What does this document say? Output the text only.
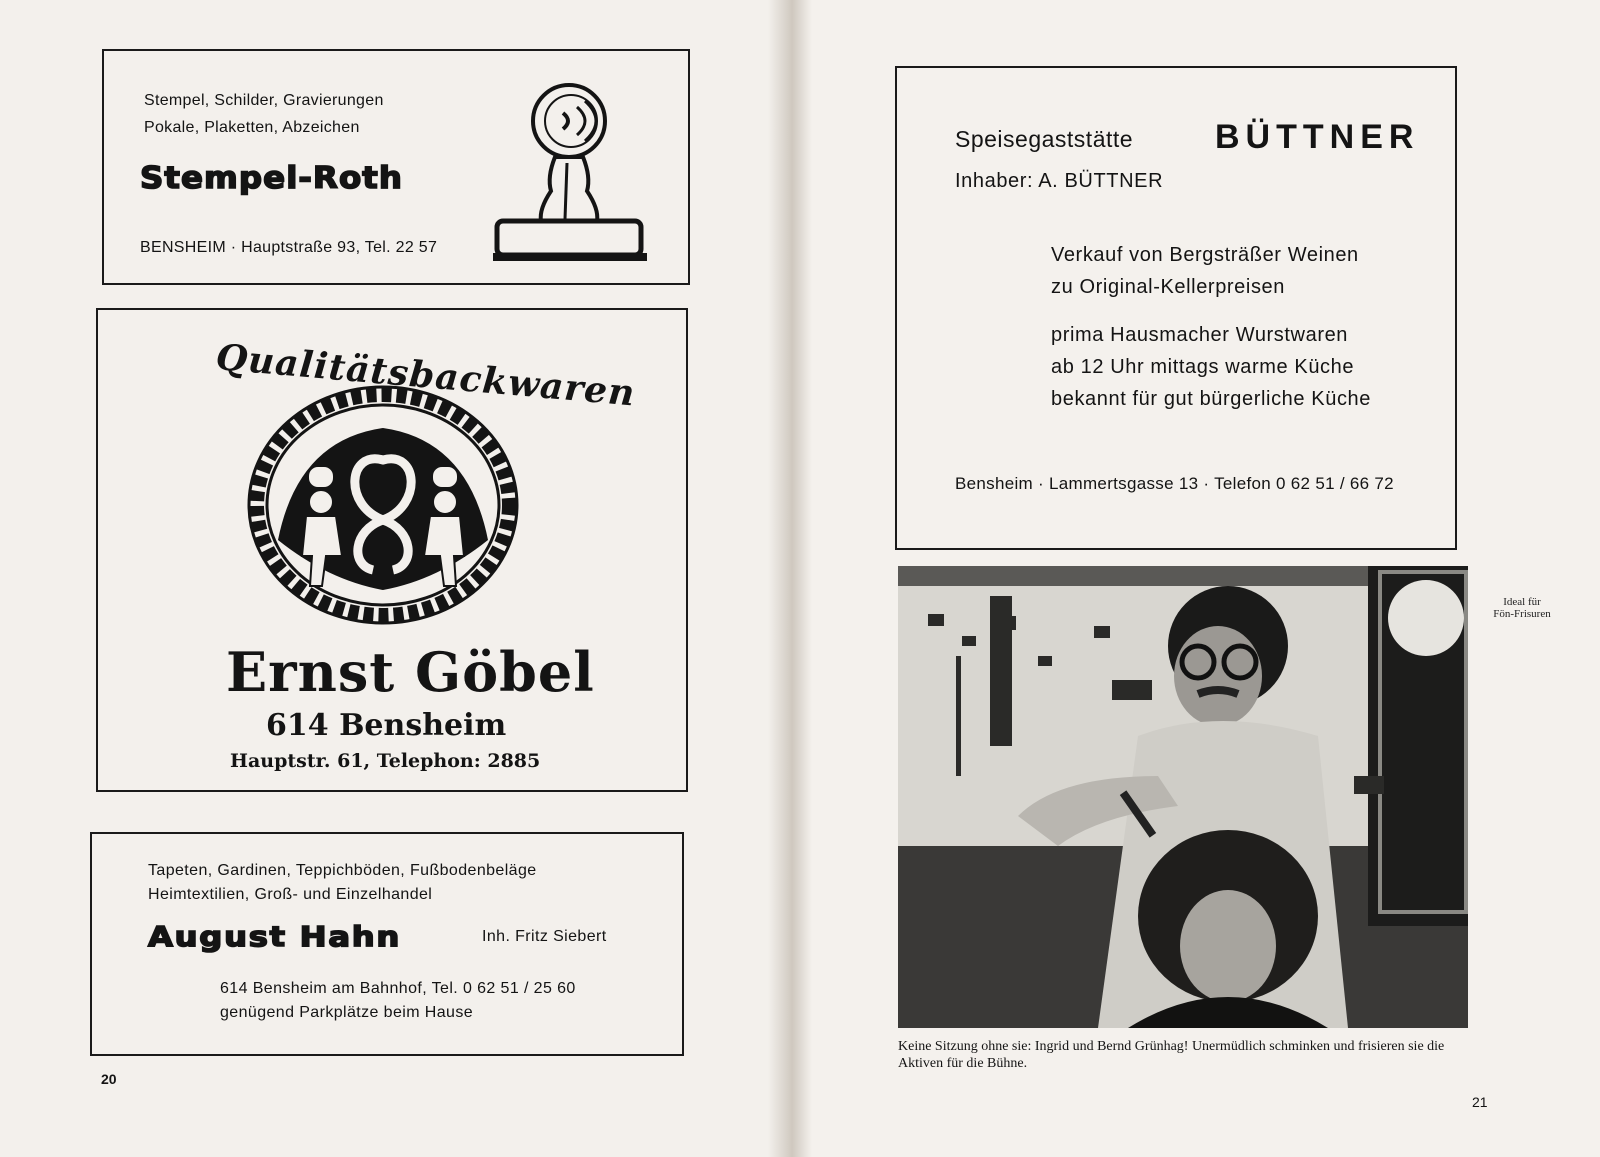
Stempel, Schilder, Gravierungen

Pokale, Plaketten, Abzeichen

Stempel-Roth

BENSHEIM · Hauptstraße 93, Tel. 22 57

Qualitätsbackwaren

Ernst Göbel

614 Bensheim

Hauptstr. 61, Telephon: 2885

Tapeten, Gardinen, Teppichböden, Fußbodenbeläge

Heimtextilien, Groß- und Einzelhandel

August Hahn	Inh. Fritz Siebert

614 Bensheim am Bahnhof, Tel. 0 62 51 / 25 60

genügend Parkplätze beim Hause

20

Speisegaststätte BÜTTNER

Inhaber: A. BÜTTNER

Verkauf von Bergsträßer Weinen

zu Original-Kellerpreisen

prima Hausmacher Wurstwaren

ab 12 Uhr mittags warme Küche

bekannt für gut bürgerliche Küche

Bensheim · Lammertsgasse 13 · Telefon 0 62 51 / 66 72

Ideal für Fön-Frisuren

Keine Sitzung ohne sie: Ingrid und Bernd Grünhag! Unermüdlich schminken und frisieren sie die Aktiven für die Bühne.

21
